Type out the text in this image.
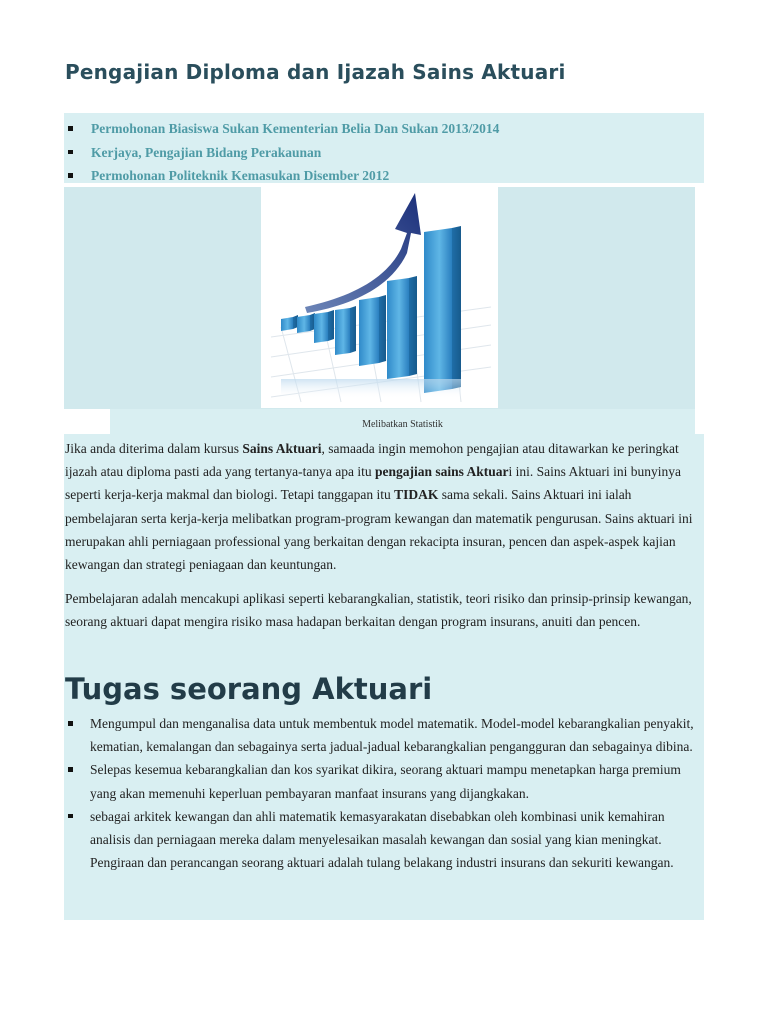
Pengajian Diploma dan Ijazah Sains Aktuari
Permohonan Biasiswa Sukan Kementerian Belia Dan Sukan 2013/2014
Kerjaya, Pengajian Bidang Perakaunan
Permohonan Politeknik Kemasukan Disember 2012
Melibatkan Statistik

Jika anda diterima dalam kursus Sains Aktuari, samaada ingin memohon pengajian atau ditawarkan ke peringkat ijazah atau diploma pasti ada yang tertanya-tanya apa itu pengajian sains Aktuari ini. Sains Aktuari ini bunyinya seperti kerja-kerja makmal dan biologi. Tetapi tanggapan itu TIDAK sama sekali. Sains Aktuari ini ialah pembelajaran serta kerja-kerja melibatkan program-program kewangan dan matematik pengurusan. Sains aktuari ini merupakan ahli perniagaan professional yang berkaitan dengan rekacipta insuran, pencen dan aspek-aspek kajian kewangan dan strategi peniagaan dan keuntungan.

Pembelajaran adalah mencakupi aplikasi seperti kebarangkalian, statistik, teori risiko dan prinsip-prinsip kewangan, seorang aktuari dapat mengira risiko masa hadapan berkaitan dengan program insurans, anuiti dan pencen.

Tugas seorang Aktuari
Mengumpul dan menganalisa data untuk membentuk model matematik. Model-model kebarangkalian penyakit, kematian, kemalangan dan sebagainya serta jadual-jadual kebarangkalian pengangguran dan sebagainya dibina.
Selepas kesemua kebarangkalian dan kos syarikat dikira, seorang aktuari mampu menetapkan harga premium yang akan memenuhi keperluan pembayaran manfaat insurans yang dijangkakan.
sebagai arkitek kewangan dan ahli matematik kemasyarakatan disebabkan oleh kombinasi unik kemahiran analisis dan perniagaan mereka dalam menyelesaikan masalah kewangan dan sosial yang kian meningkat. Pengiraan dan perancangan seorang aktuari adalah tulang belakang industri insurans dan sekuriti kewangan.
